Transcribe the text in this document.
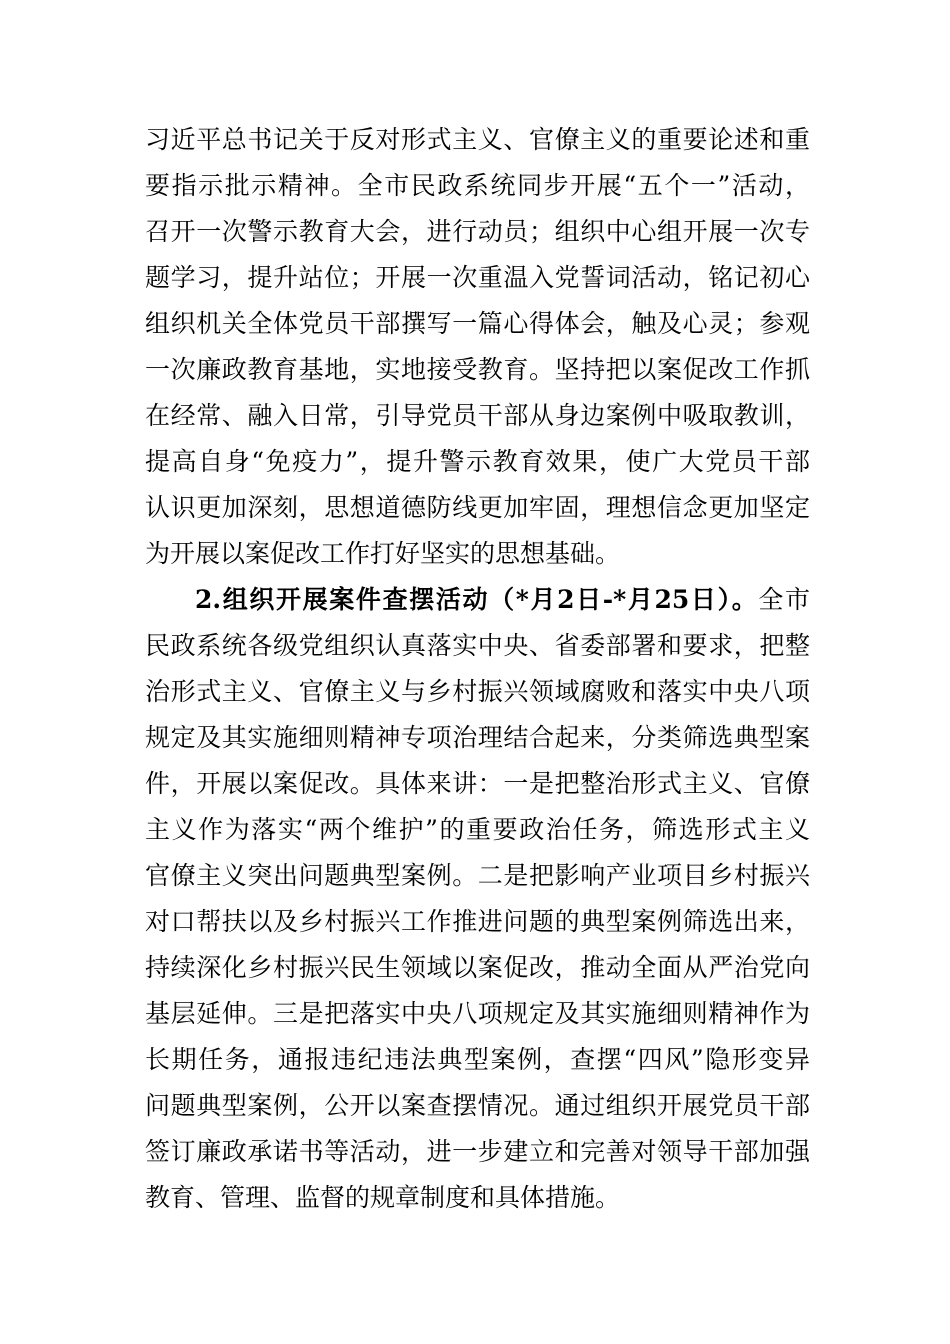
习近平总书记关于反对形式主义、官僚主义的重要论述和重
要指示批示精神。全市民政系统同步开展“五个一”活动，
召开一次警示教育大会，进行动员；组织中心组开展一次专
题学习，提升站位；开展一次重温入党誓词活动，铭记初心
组织机关全体党员干部撰写一篇心得体会，触及心灵；参观
一次廉政教育基地，实地接受教育。坚持把以案促改工作抓
在经常、融入日常，引导党员干部从身边案例中吸取教训，
提高自身“免疫力”，提升警示教育效果，使广大党员干部
认识更加深刻，思想道德防线更加牢固，理想信念更加坚定
为开展以案促改工作打好坚实的思想基础。
2.组织开展案件查摆活动（*月2日-*月25日）。全市
民政系统各级党组织认真落实中央、省委部署和要求，把整
治形式主义、官僚主义与乡村振兴领域腐败和落实中央八项
规定及其实施细则精神专项治理结合起来，分类筛选典型案
件，开展以案促改。具体来讲：一是把整治形式主义、官僚
主义作为落实“两个维护”的重要政治任务，筛选形式主义
官僚主义突出问题典型案例。二是把影响产业项目乡村振兴
对口帮扶以及乡村振兴工作推进问题的典型案例筛选出来，
持续深化乡村振兴民生领域以案促改，推动全面从严治党向
基层延伸。三是把落实中央八项规定及其实施细则精神作为
长期任务，通报违纪违法典型案例，查摆“四风”隐形变异
问题典型案例，公开以案查摆情况。通过组织开展党员干部
签订廉政承诺书等活动，进一步建立和完善对领导干部加强
教育、管理、监督的规章制度和具体措施。
